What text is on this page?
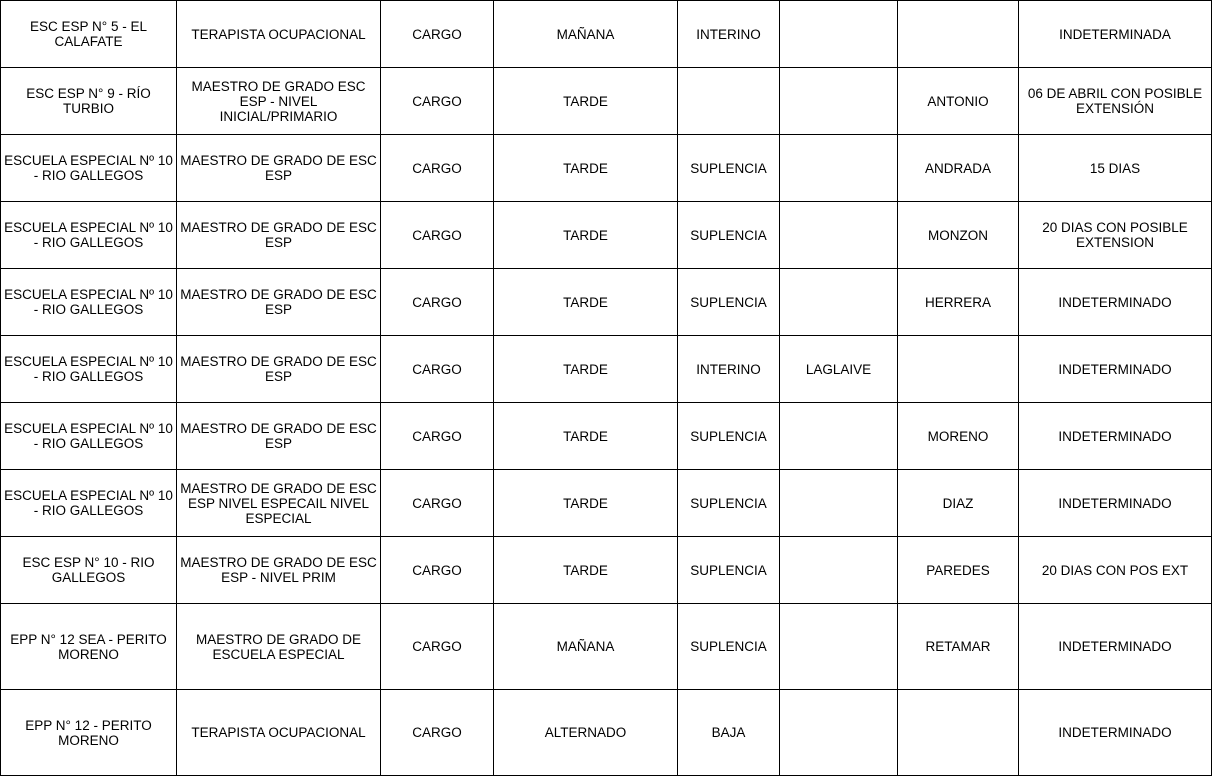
ESC ESP N° 5 - EL CALAFATE	TERAPISTA OCUPACIONAL	CARGO	MAÑANA	INTERINO			INDETERMINADA
ESC ESP N° 9 - RÍO TURBIO	MAESTRO DE GRADO ESC ESP - NIVEL INICIAL/PRIMARIO	CARGO	TARDE			ANTONIO	06 DE ABRIL CON POSIBLE EXTENSIÓN
ESCUELA ESPECIAL Nº 10 - RIO GALLEGOS	MAESTRO DE GRADO DE ESC ESP	CARGO	TARDE	SUPLENCIA		ANDRADA	15 DIAS
ESCUELA ESPECIAL Nº 10 - RIO GALLEGOS	MAESTRO DE GRADO DE ESC ESP	CARGO	TARDE	SUPLENCIA		MONZON	20 DIAS CON POSIBLE EXTENSION
ESCUELA ESPECIAL Nº 10 - RIO GALLEGOS	MAESTRO DE GRADO DE ESC ESP	CARGO	TARDE	SUPLENCIA		HERRERA	INDETERMINADO
ESCUELA ESPECIAL Nº 10 - RIO GALLEGOS	MAESTRO DE GRADO DE ESC ESP	CARGO	TARDE	INTERINO	LAGLAIVE		INDETERMINADO
ESCUELA ESPECIAL Nº 10 - RIO GALLEGOS	MAESTRO DE GRADO DE ESC ESP	CARGO	TARDE	SUPLENCIA		MORENO	INDETERMINADO
ESCUELA ESPECIAL Nº 10 - RIO GALLEGOS	MAESTRO DE GRADO DE ESC ESP NIVEL ESPECAIL NIVEL ESPECIAL	CARGO	TARDE	SUPLENCIA		DIAZ	INDETERMINADO
ESC ESP N° 10 - RIO GALLEGOS	MAESTRO DE GRADO DE ESC ESP - NIVEL PRIM	CARGO	TARDE	SUPLENCIA		PAREDES	20 DIAS CON POS EXT
EPP N° 12 SEA - PERITO MORENO	MAESTRO DE GRADO DE ESCUELA ESPECIAL	CARGO	MAÑANA	SUPLENCIA		RETAMAR	INDETERMINADO
EPP N° 12 - PERITO MORENO	TERAPISTA OCUPACIONAL	CARGO	ALTERNADO	BAJA			INDETERMINADO
